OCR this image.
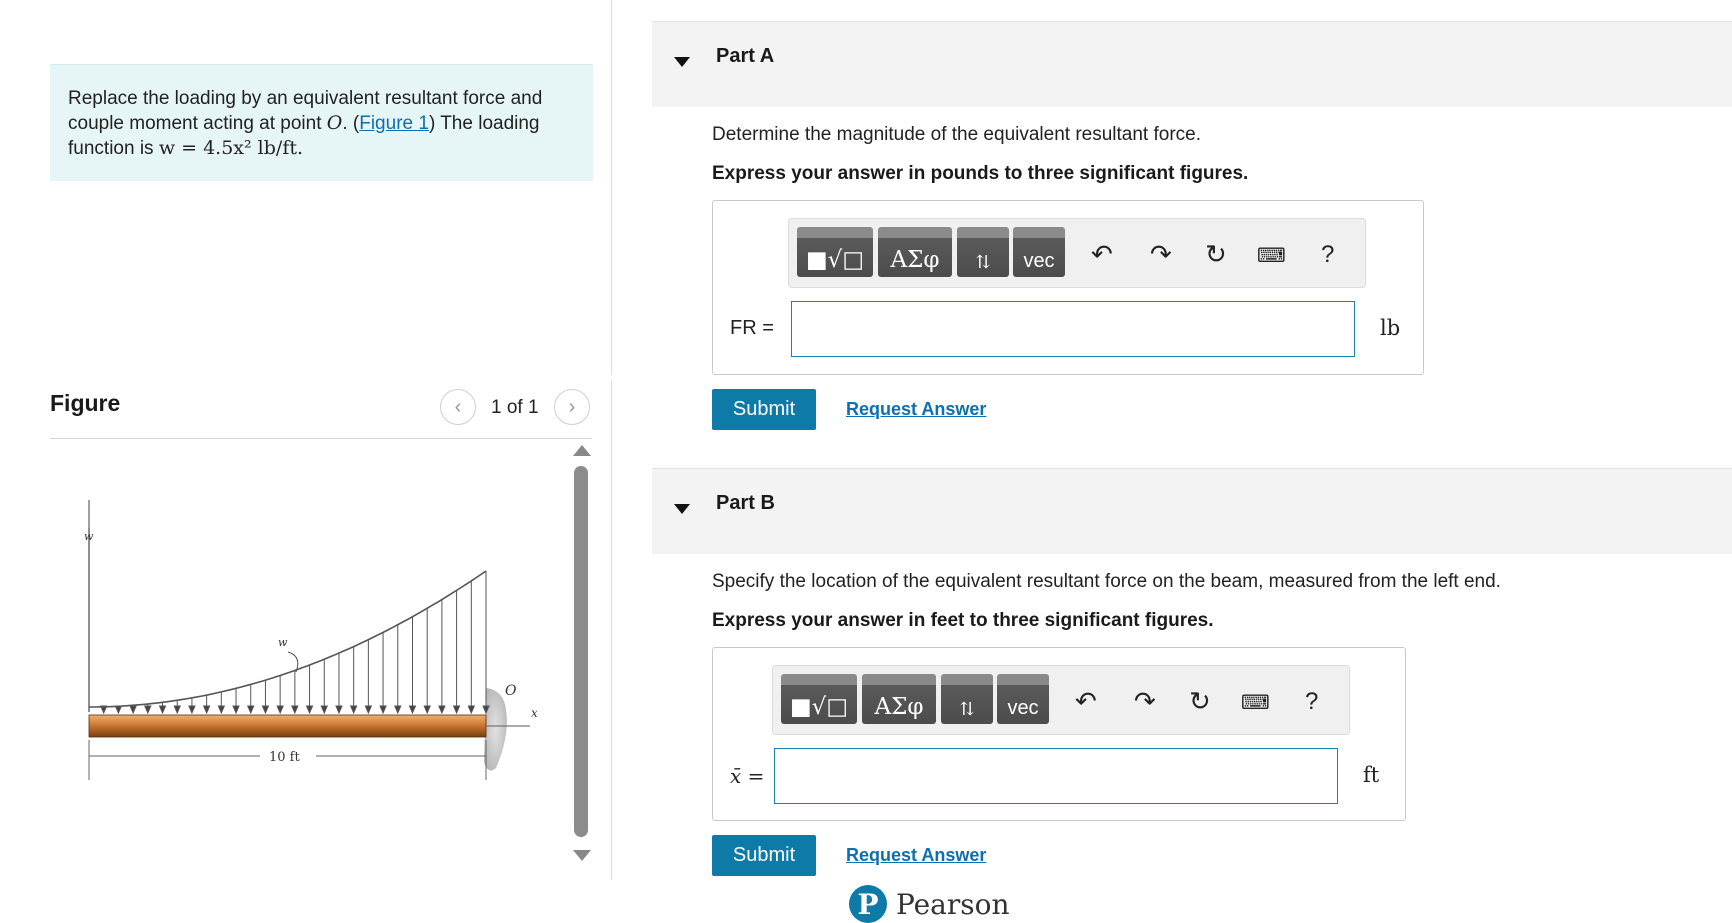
Replace the loading by an equivalent resultant force and couple moment acting at point O. (Figure 1) The loading function is w = 4.5x² lb/ft.
Figure	‹ 1 of 1 ›
w
x
O
w
10 ft
Part A
Determine the magnitude of the equivalent resultant force.
Express your answer in pounds to three significant figures.
■√□ ΑΣφ ⇅ vec ↶ ↷ ↻ ⌨ ?
FR =	lb
Submit	Request Answer
Part B
Specify the location of the equivalent resultant force on the beam, measured from the left end.
Express your answer in feet to three significant figures.
■√□ ΑΣφ ⇅ vec ↶ ↷ ↻ ⌨ ?
x̄ =	ft
Submit	Request Answer
P Pearson
